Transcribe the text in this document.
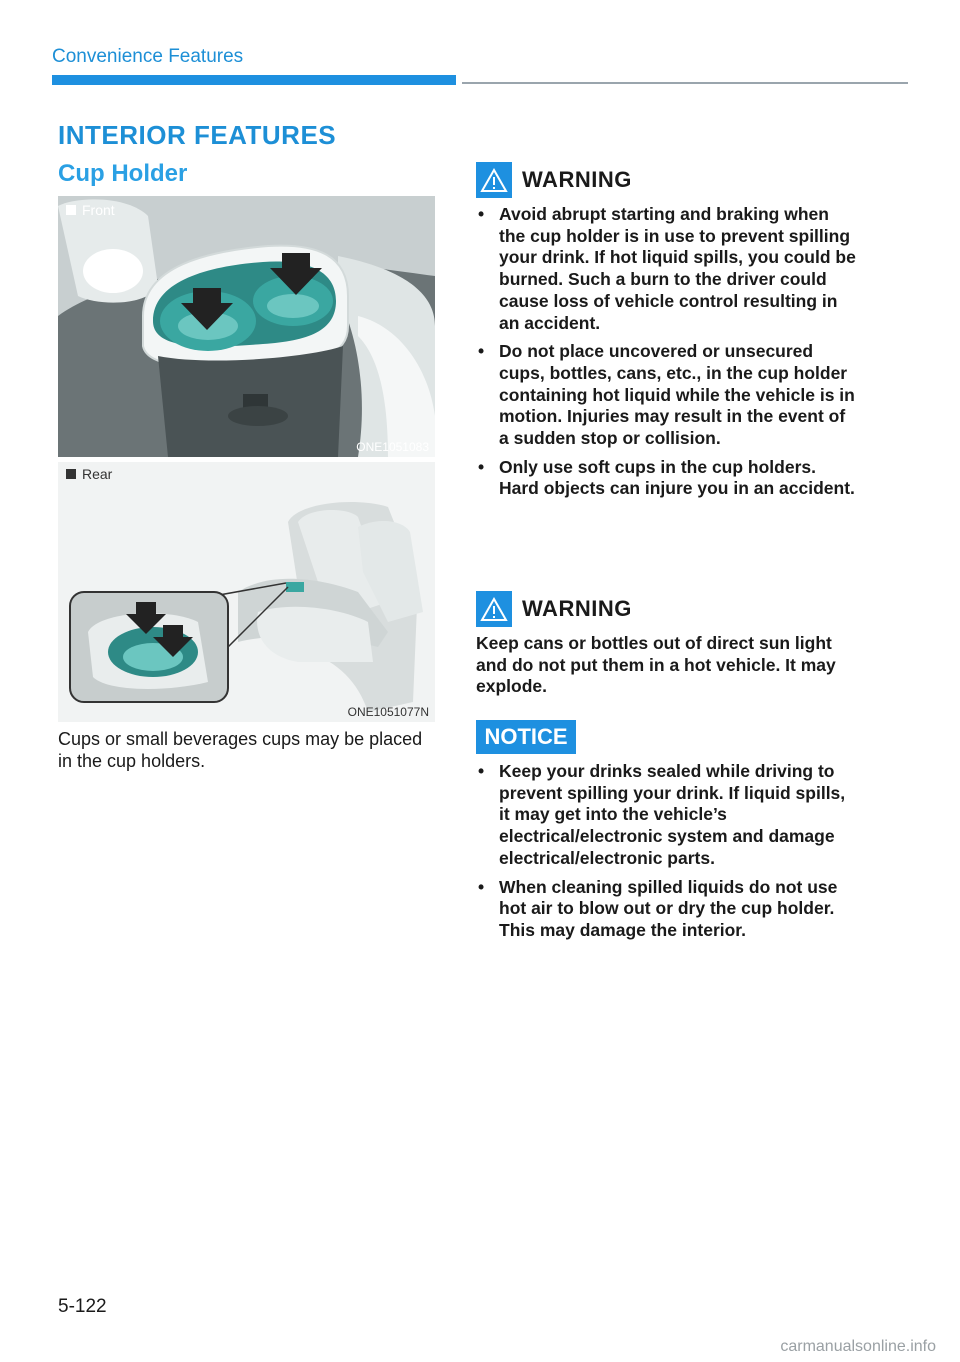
Convenience Features
INTERIOR FEATURES
Cup Holder
Front
ONE1051083
Rear
ONE1051077N
Cups or small beverages cups may be placed in the cup holders.
WARNING
• Avoid abrupt starting and braking when the cup holder is in use to prevent spilling your drink. If hot liquid spills, you could be burned. Such a burn to the driver could cause loss of vehicle control resulting in an accident.
• Do not place uncovered or unsecured cups, bottles, cans, etc., in the cup holder containing hot liquid while the vehicle is in motion. Injuries may result in the event of a sudden stop or collision.
• Only use soft cups in the cup holders. Hard objects can injure you in an accident.
WARNING
Keep cans or bottles out of direct sun light and do not put them in a hot vehicle. It may explode.
NOTICE
• Keep your drinks sealed while driving to prevent spilling your drink. If liquid spills, it may get into the vehicle’s electrical/electronic system and damage electrical/electronic parts.
• When cleaning spilled liquids do not use hot air to blow out or dry the cup holder. This may damage the interior.
5-122
carmanualsonline.info
